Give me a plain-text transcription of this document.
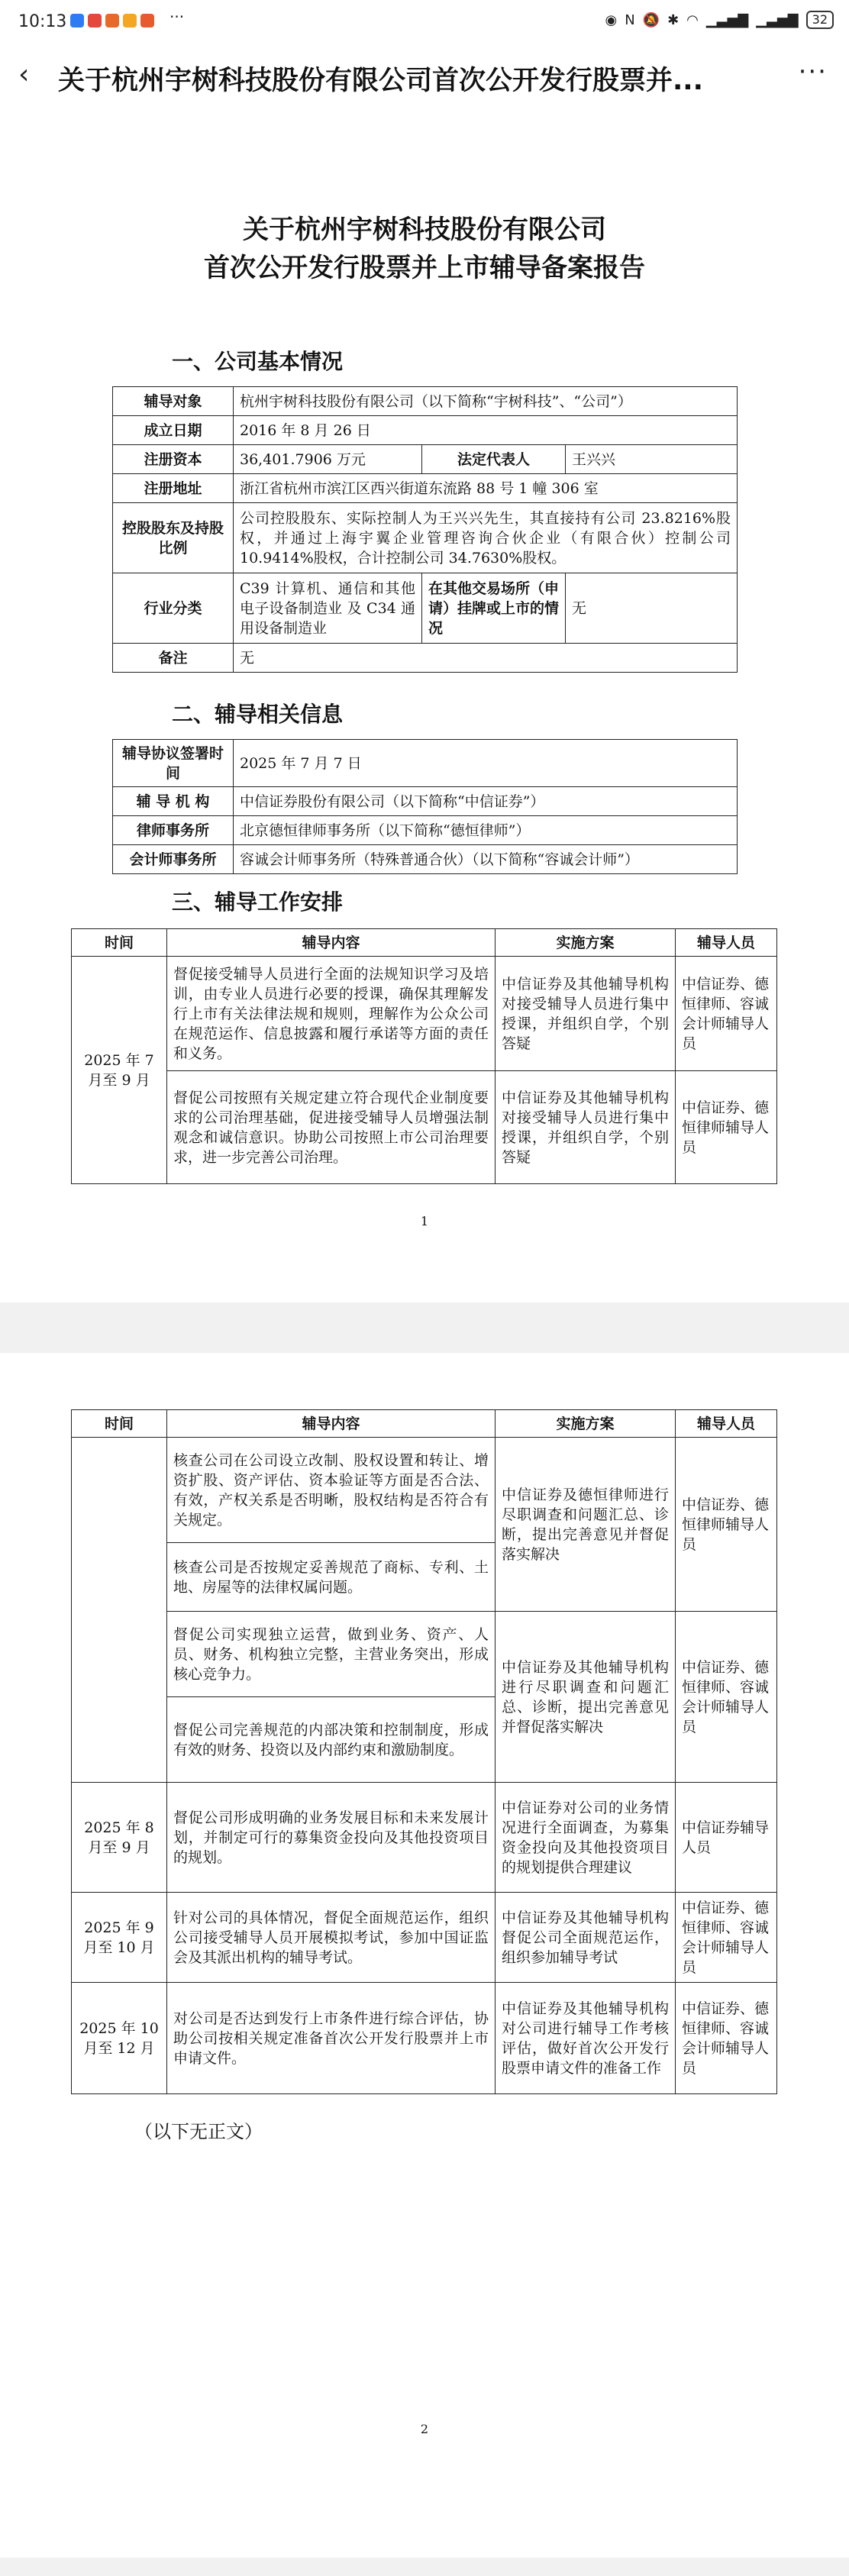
10:13	···	◉ N 🔕 ✱ ◠ ▁▃▅▇ ▁▃▅▇	32
‹ 关于杭州宇树科技股份有限公司首次公开发行股票并...	···
关于杭州宇树科技股份有限公司
首次公开发行股票并上市辅导备案报告
一、公司基本情况
辅导对象	杭州宇树科技股份有限公司（以下简称“宇树科技”、“公司”）		
成立日期	2016 年 8 月 26 日		
注册资本	36,401.7906 万元	法定代表人	王兴兴
注册地址	浙江省杭州市滨江区西兴街道东流路 88 号 1 幢 306 室		
控股股东及持股比例	公司控股股东、实际控制人为王兴兴先生，其直接持有公司 23.8216%股权，并通过上海宇翼企业管理咨询合伙企业（有限合伙）控制公司 10.9414%股权，合计控制公司 34.7630%股权。		
行业分类	C39 计算机、通信和其他电子设备制造业 及 C34 通用设备制造业	在其他交易场所（申请）挂牌或上市的情况	无
备注	无		
二、辅导相关信息
辅导协议签署时间	2025 年 7 月 7 日
辅 导 机 构	中信证券股份有限公司（以下简称“中信证券”）
律师事务所	北京德恒律师事务所（以下简称“德恒律师”）
会计师事务所	容诚会计师事务所（特殊普通合伙）（以下简称“容诚会计师”）
三、辅导工作安排
时间	辅导内容	实施方案	辅导人员
2025 年 7 月至 9 月	督促接受辅导人员进行全面的法规知识学习及培训，由专业人员进行必要的授课，确保其理解发行上市有关法律法规和规则，理解作为公众公司在规范运作、信息披露和履行承诺等方面的责任和义务。	中信证券及其他辅导机构对接受辅导人员进行集中授课，并组织自学，个别答疑	中信证券、德恒律师、容诚会计师辅导人员
	督促公司按照有关规定建立符合现代企业制度要求的公司治理基础，促进接受辅导人员增强法制观念和诚信意识。协助公司按照上市公司治理要求，进一步完善公司治理。	中信证券及其他辅导机构对接受辅导人员进行集中授课，并组织自学，个别答疑	中信证券、德恒律师辅导人员
1
时间	辅导内容	实施方案	辅导人员
	核查公司在公司设立改制、股权设置和转让、增资扩股、资产评估、资本验证等方面是否合法、有效，产权关系是否明晰，股权结构是否符合有关规定。	中信证券及德恒律师进行尽职调查和问题汇总、诊断，提出完善意见并督促落实解决	中信证券、德恒律师辅导人员
	核查公司是否按规定妥善规范了商标、专利、土地、房屋等的法律权属问题。		
	督促公司实现独立运营，做到业务、资产、人员、财务、机构独立完整，主营业务突出，形成核心竞争力。	中信证券及其他辅导机构进行尽职调查和问题汇总、诊断，提出完善意见并督促落实解决	中信证券、德恒律师、容诚会计师辅导人员
	督促公司完善规范的内部决策和控制制度，形成有效的财务、投资以及内部约束和激励制度。		
2025 年 8 月至 9 月	督促公司形成明确的业务发展目标和未来发展计划，并制定可行的募集资金投向及其他投资项目的规划。	中信证券对公司的业务情况进行全面调查，为募集资金投向及其他投资项目的规划提供合理建议	中信证券辅导人员
2025 年 9 月至 10 月	针对公司的具体情况，督促全面规范运作，组织公司接受辅导人员开展模拟考试，参加中国证监会及其派出机构的辅导考试。	中信证券及其他辅导机构督促公司全面规范运作，组织参加辅导考试	中信证券、德恒律师、容诚会计师辅导人员
2025 年 10 月至 12 月	对公司是否达到发行上市条件进行综合评估，协助公司按相关规定准备首次公开发行股票并上市申请文件。	中信证券及其他辅导机构对公司进行辅导工作考核评估，做好首次公开发行股票申请文件的准备工作	中信证券、德恒律师、容诚会计师辅导人员
（以下无正文）
2
